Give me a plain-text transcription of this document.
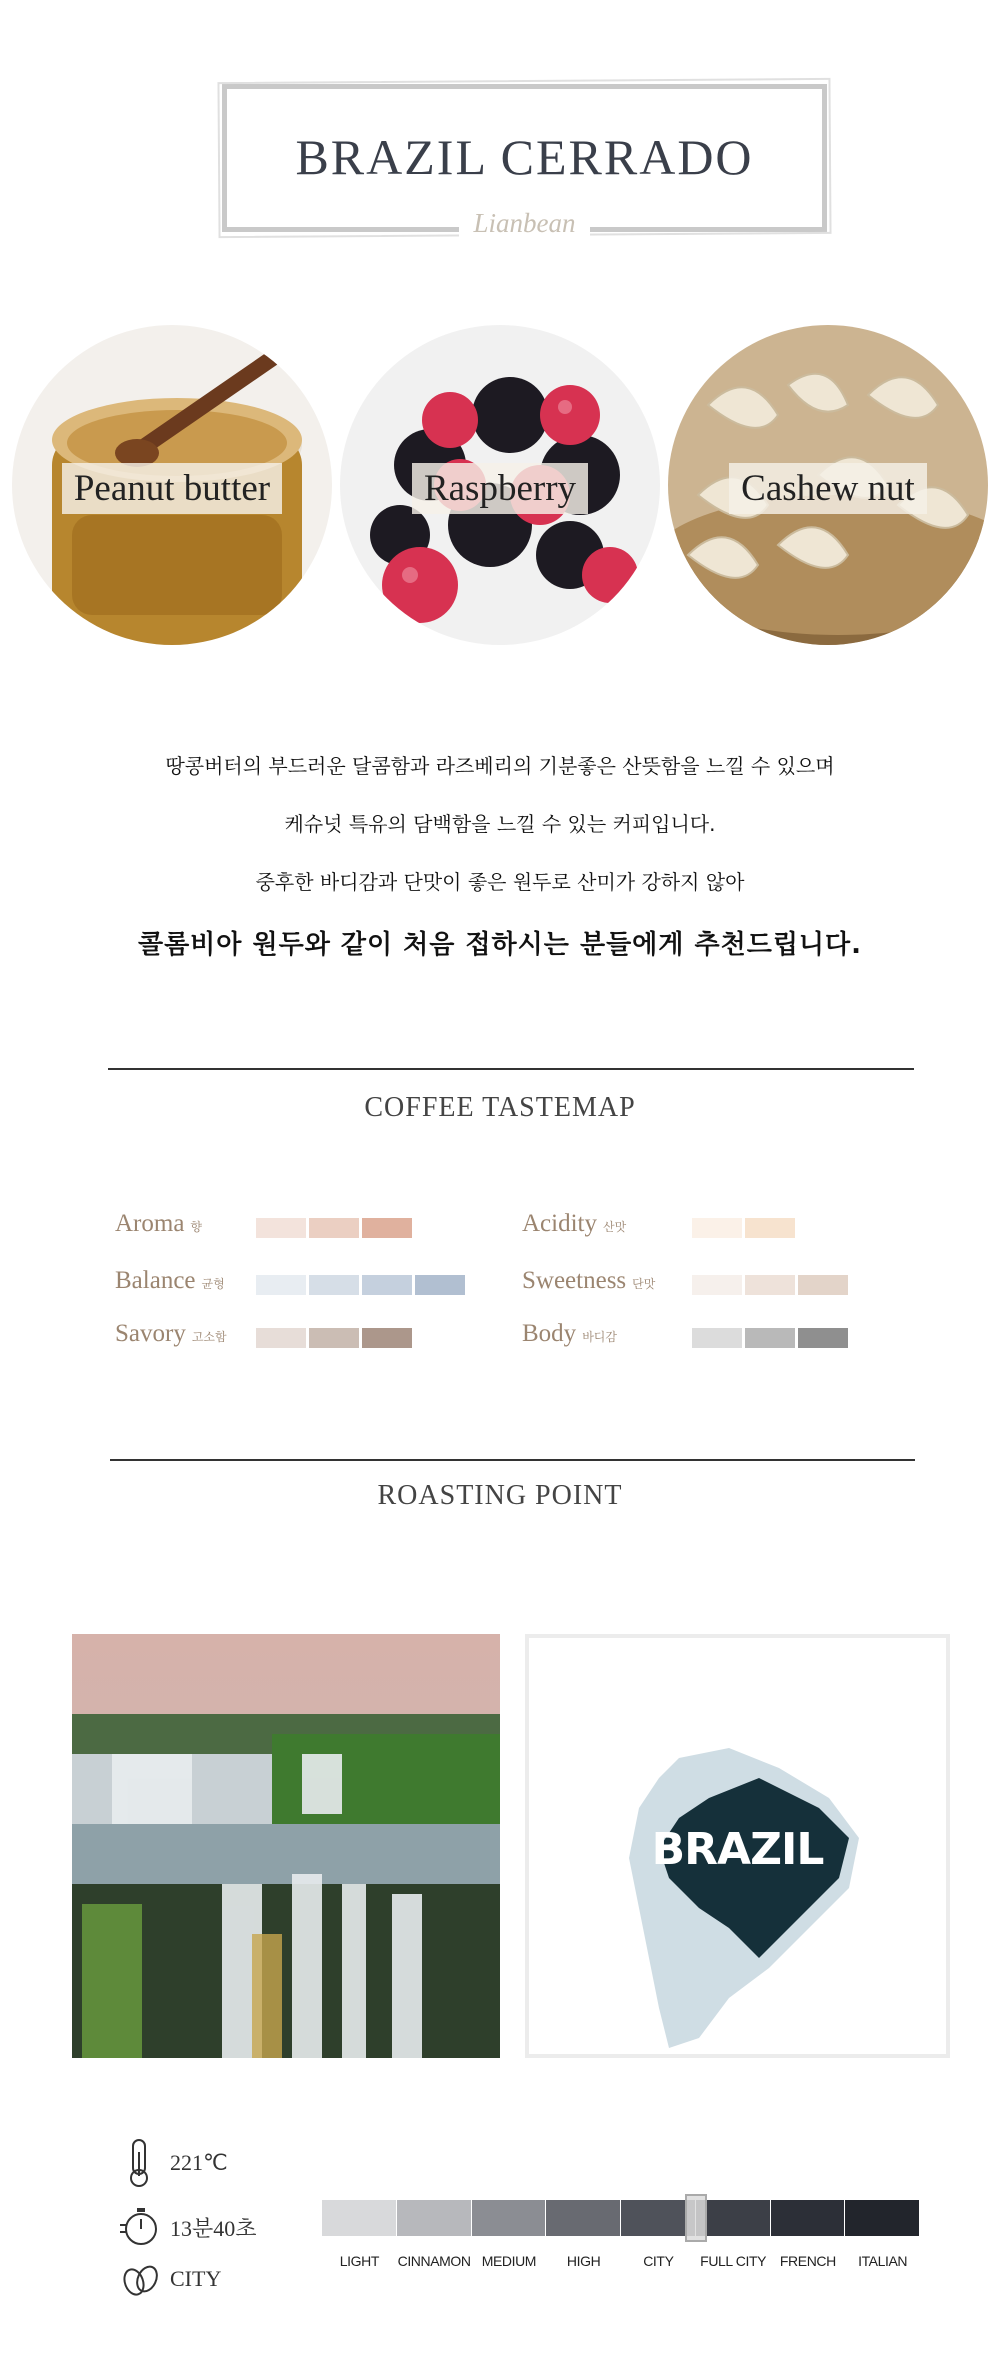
BRAZIL CERRADO
Lianbean
Peanut butter	Raspberry	Cashew nut
땅콩버터의 부드러운 달콤함과 라즈베리의 기분좋은 산뜻함을 느낄 수 있으며
케슈넛 특유의 담백함을 느낄 수 있는 커피입니다.
중후한 바디감과 단맛이 좋은 원두로 산미가 강하지 않아
콜롬비아 원두와 같이 처음 접하시는 분들에게 추천드립니다.
COFFEE TASTEMAP
Aroma 향	Acidity 산맛
Balance 균형	Sweetness 단맛
Savory 고소함	Body 바디감
ROASTING POINT
BRAZIL
221℃
13분40초
CITY
LIGHT	CINNAMON MEDIUM	HIGH	CITY	FULL CITY FRENCH	ITALIAN
